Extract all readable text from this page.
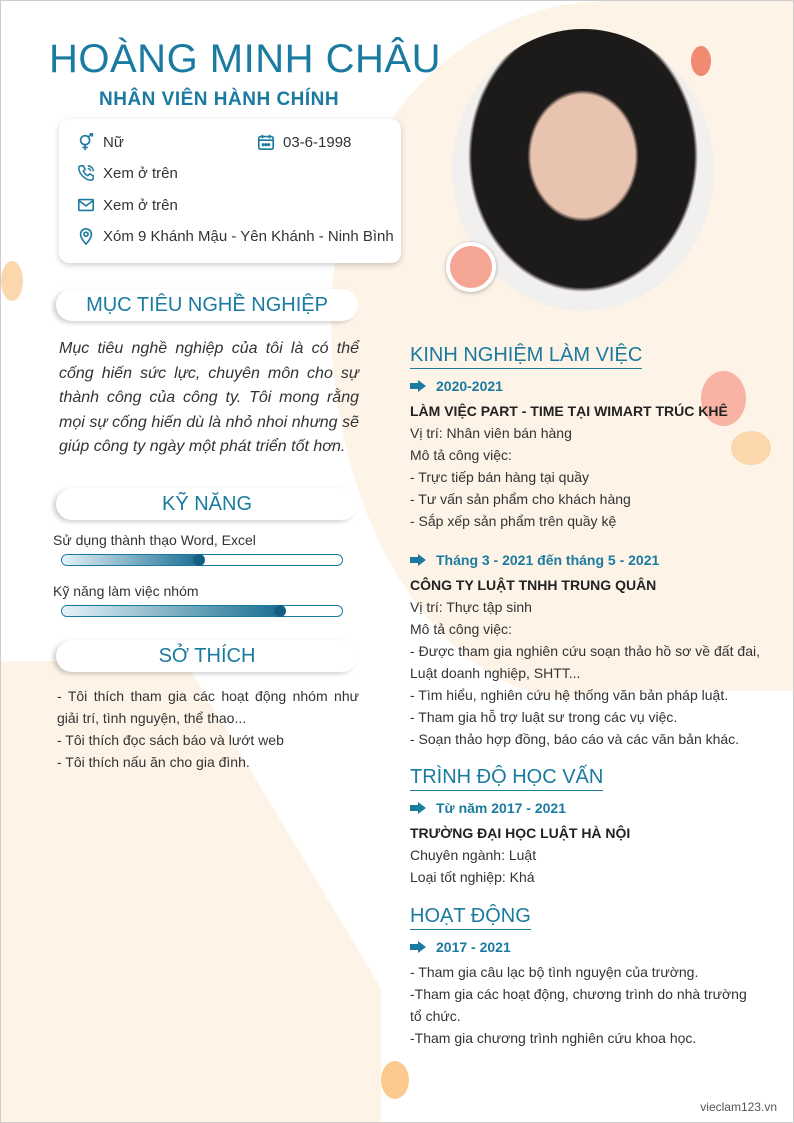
HOÀNG MINH CHÂU
NHÂN VIÊN HÀNH CHÍNH
Nữ	03-6-1998
Xem ở trên
Xem ở trên
Xóm 9 Khánh Mậu - Yên Khánh - Ninh Bình
MỤC TIÊU NGHỀ NGHIỆP
Mục tiêu nghề nghiệp của tôi là có thể cống hiến sức lực, chuyên môn cho sự thành công của công ty. Tôi mong rằng mọi sự cống hiến dù là nhỏ nhoi nhưng sẽ giúp công ty ngày một phát triển tốt hơn.
KỸ NĂNG
Sử dụng thành thạo Word, Excel
Kỹ năng làm việc nhóm
SỞ THÍCH
- Tôi thích tham gia các hoạt động nhóm như giải trí, tình nguyện, thể thao...
- Tôi thích đọc sách báo và lướt web
- Tôi thích nấu ăn cho gia đình.
KINH NGHIỆM LÀM VIỆC
2020-2021
LÀM VIỆC PART - TIME TẠI WIMART TRÚC KHÊ
Vị trí: Nhân viên bán hàng
Mô tả công việc:
- Trực tiếp bán hàng tại quầy
- Tư vấn sản phẩm cho khách hàng
- Sắp xếp sản phẩm trên quầy kệ
Tháng 3 - 2021 đến tháng 5 - 2021
CÔNG TY LUẬT TNHH TRUNG QUÂN
Vị trí: Thực tập sinh
Mô tả công việc:
- Được tham gia nghiên cứu soạn thảo hồ sơ về đất đai, Luật doanh nghiệp, SHTT...
- Tìm hiểu, nghiên cứu hệ thống văn bản pháp luật.
- Tham gia hỗ trợ luật sư trong các vụ việc.
- Soạn thảo hợp đồng, báo cáo và các văn bản khác.
TRÌNH ĐỘ HỌC VẤN
Từ năm 2017 - 2021
TRƯỜNG ĐẠI HỌC LUẬT HÀ NỘI
Chuyên ngành: Luật
Loại tốt nghiệp: Khá
HOẠT ĐỘNG
2017 - 2021
- Tham gia câu lạc bộ tình nguyện của trường.
-Tham gia các hoạt động, chương trình do nhà trường tổ chức.
-Tham gia chương trình nghiên cứu khoa học.
vieclam123.vn
